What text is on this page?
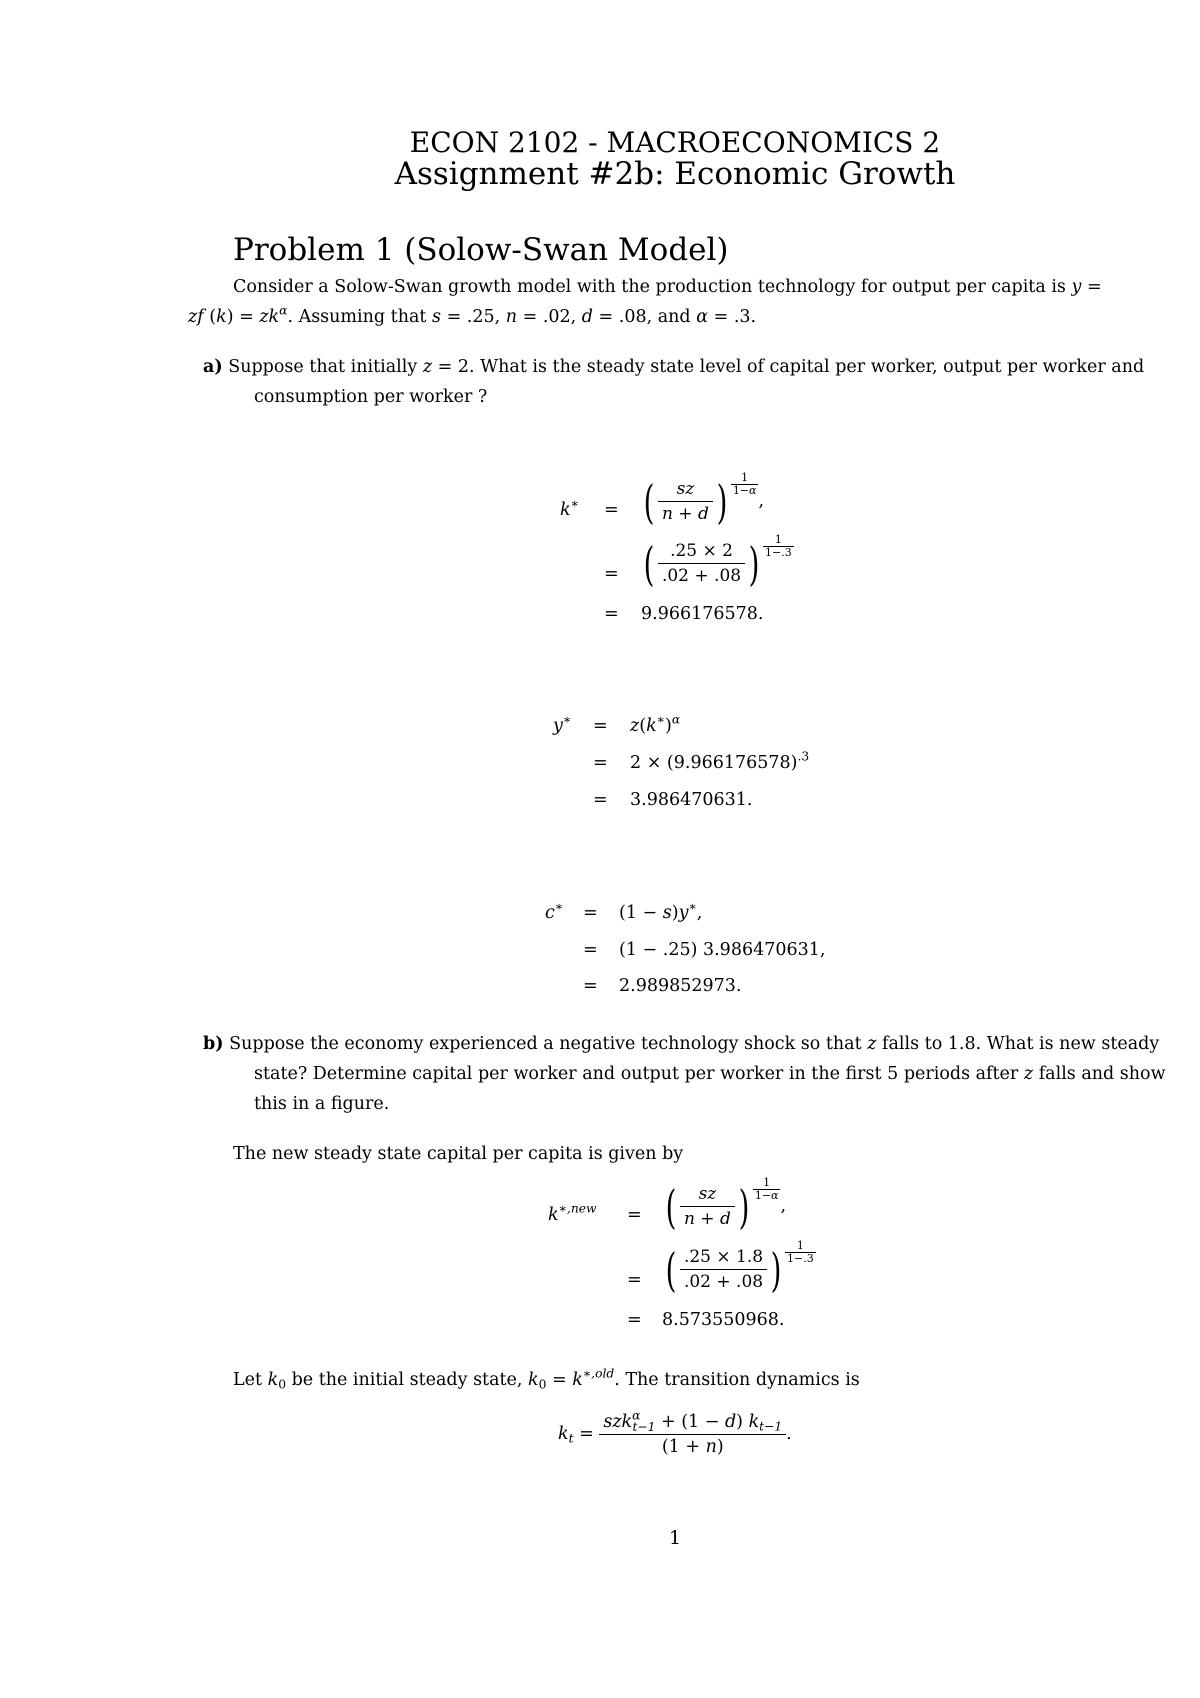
ECON 2102 - MACROECONOMICS 2
Assignment #2b: Economic Growth
Problem 1 (Solow-Swan Model)
Consider a Solow-Swan growth model with the production technology for output per capita is y =
zf $(k) = zk^\alpha$. Assuming that s = .25, n = .02, d = .08, and α = .3.
a) Suppose that initially z = 2. What is the steady state level of capital per worker, output per worker and
consumption per worker ?
k∗ = ( $\frac{sz}{n + d}$ ) $\frac{1}{1-\alpha}$
,
= ( $\frac{.25 \times 2}{.02 + .08}$ ) $\frac{1}{1-.3}$
= 9.966176578.
$y^∗ = z(k^∗)^\alpha$
= $2 \times (9.966176578)^{.3}$
= 3.986470631.
c∗ = (1 − s)y∗,
= (1 − .25) 3.986470631,
= 2.989852973.
b) Suppose the economy experienced a negative technology shock so that z falls to 1.8. What is new steady
state? Determine capital per worker and output per worker in the first 5 periods after z falls and show
this in a figure.
The new steady state capital per capita is given by
$k^{∗,new}$ = ( $\frac{sz}{n + d}$ ) $\frac{1}{1-\alpha}$
,
= ( $\frac{.25 \times 1.8}{.02 + .08}$ ) $\frac{1}{1-.3}$
= 8.573550968.
Let $k_0$ be the initial steady state, $k_0 = k^{∗,old}$. The transition dynamics is
$k_t = \frac{szk^\alpha_{t-1} + (1 - d) k_{t-1}}{(1 + n)}$ .
1
